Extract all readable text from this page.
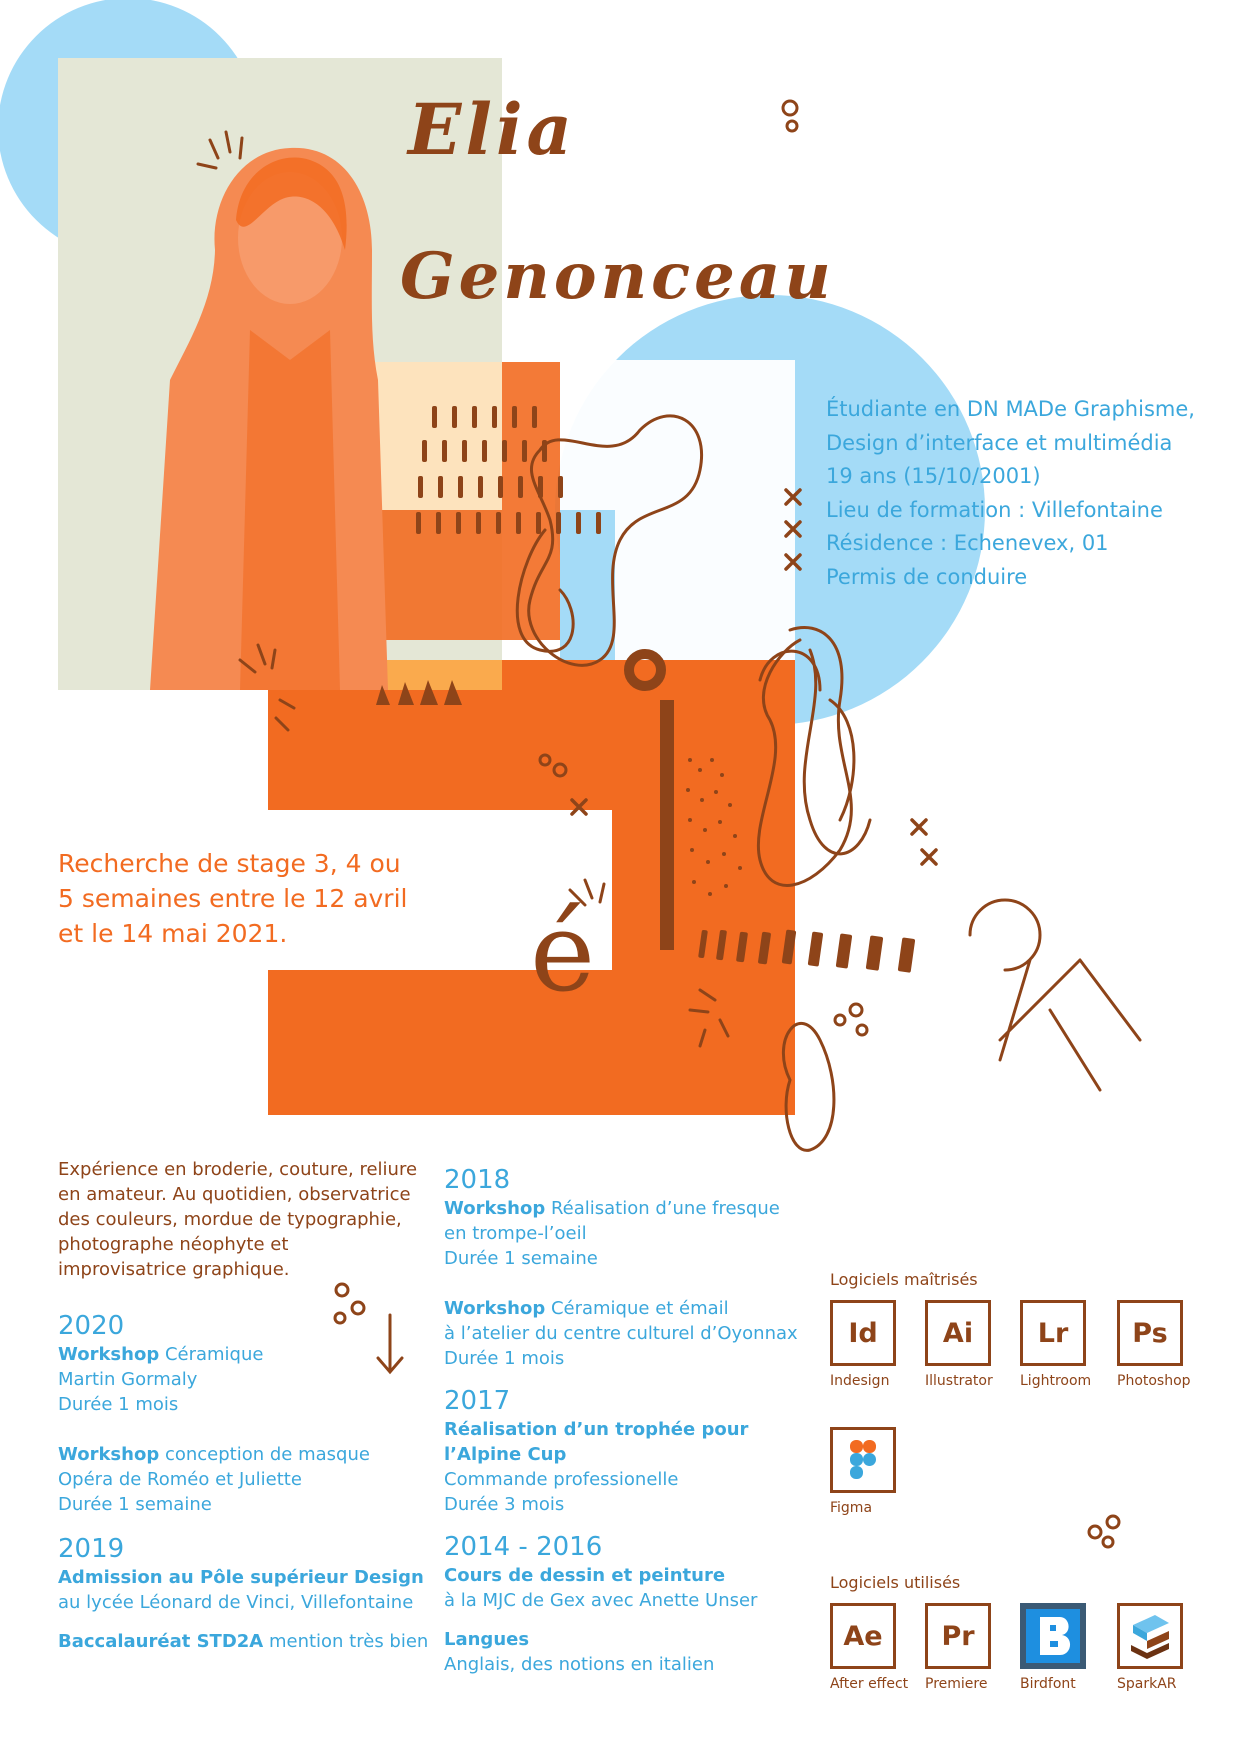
é
Elia
Genonceau
Étudiante en DN MADe Graphisme,
Design d’interface et multimédia
19 ans (15/10/2001)
Lieu de formation : Villefontaine
Résidence : Echenevex, 01
Permis de conduire
Recherche de stage 3, 4 ou 5 semaines entre le 12 avril et le 14 mai 2021.
Expérience en broderie, couture, reliure en amateur. Au quotidien, observatrice des couleurs, mordue de typographie, photographe néophyte et improvisatrice graphique.
2020
Workshop Céramique
Martin Gormaly
Durée 1 mois
Workshop conception de masque
Opéra de Roméo et Juliette
Durée 1 semaine
2019
Admission au Pôle supérieur Design
au lycée Léonard de Vinci, Villefontaine
Baccalauréat STD2A mention très bien
2018
Workshop Réalisation d’une fresque
en trompe-l’oeil
Durée 1 semaine
Workshop Céramique et émail
à l’atelier du centre culturel d’Oyonnax
Durée 1 mois
2017
Réalisation d’un trophée pour
l’Alpine Cup
Commande professionelle
Durée 3 mois
2014 - 2016
Cours de dessin et peinture
à la MJC de Gex avec Anette Unser
Langues
Anglais, des notions en italien
Logiciels maîtrisés
Id
Indesign
Ai
Illustrator
Lr
Lightroom
Ps
Photoshop
Figma
Logiciels utilisés
Ae
After effect
Pr
Premiere Birdfont	SparkAR
